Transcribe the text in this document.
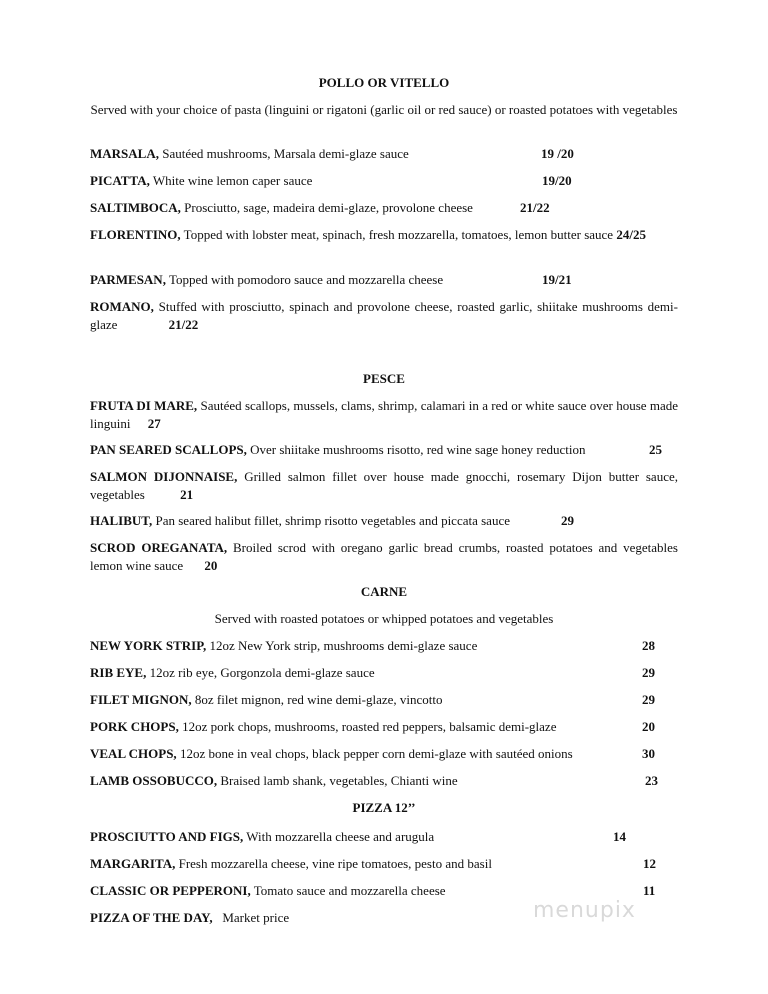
POLLO OR VITELLO
Served with your choice of pasta (linguini or rigatoni (garlic oil or red sauce) or roasted potatoes with vegetables
MARSALA, Sautéed mushrooms, Marsala demi-glaze sauce	19 /20
PICATTA, White wine lemon caper sauce	19/20
SALTIMBOCA, Prosciutto, sage, madeira demi-glaze, provolone cheese	21/22
FLORENTINO, Topped with lobster meat, spinach, fresh mozzarella, tomatoes, lemon butter sauce 24/25
PARMESAN, Topped with pomodoro sauce and mozzarella cheese	19/21
ROMANO, Stuffed with prosciutto, spinach and provolone cheese, roasted garlic, shiitake mushrooms demi-glaze	21/22
PESCE
FRUTA DI MARE, Sautéed scallops, mussels, clams, shrimp, calamari in a red or white sauce over house made linguini 27
PAN SEARED SCALLOPS, Over shiitake mushrooms risotto, red wine sage honey reduction	25
SALMON DIJONNAISE, Grilled salmon fillet over house made gnocchi, rosemary Dijon butter sauce, vegetables	21
HALIBUT, Pan seared halibut fillet, shrimp risotto vegetables and piccata sauce	29
SCROD OREGANATA, Broiled scrod with oregano garlic bread crumbs, roasted potatoes and vegetables lemon wine sauce 20
CARNE
Served with roasted potatoes or whipped potatoes and vegetables
NEW YORK STRIP, 12oz New York strip, mushrooms demi-glaze sauce	28
RIB EYE, 12oz rib eye, Gorgonzola demi-glaze sauce	29
FILET MIGNON, 8oz filet mignon, red wine demi-glaze, vincotto	29
PORK CHOPS, 12oz pork chops, mushrooms, roasted red peppers, balsamic demi-glaze	20
VEAL CHOPS, 12oz bone in veal chops, black pepper corn demi-glaze with sautéed onions	30
LAMB OSSOBUCCO, Braised lamb shank, vegetables, Chianti wine	23
PIZZA 12’’
PROSCIUTTO AND FIGS, With mozzarella cheese and arugula	14
MARGARITA, Fresh mozzarella cheese, vine ripe tomatoes, pesto and basil	12
CLASSIC OR PEPPERONI, Tomato sauce and mozzarella cheese	11
PIZZA OF THE DAY,   Market price	menupix
